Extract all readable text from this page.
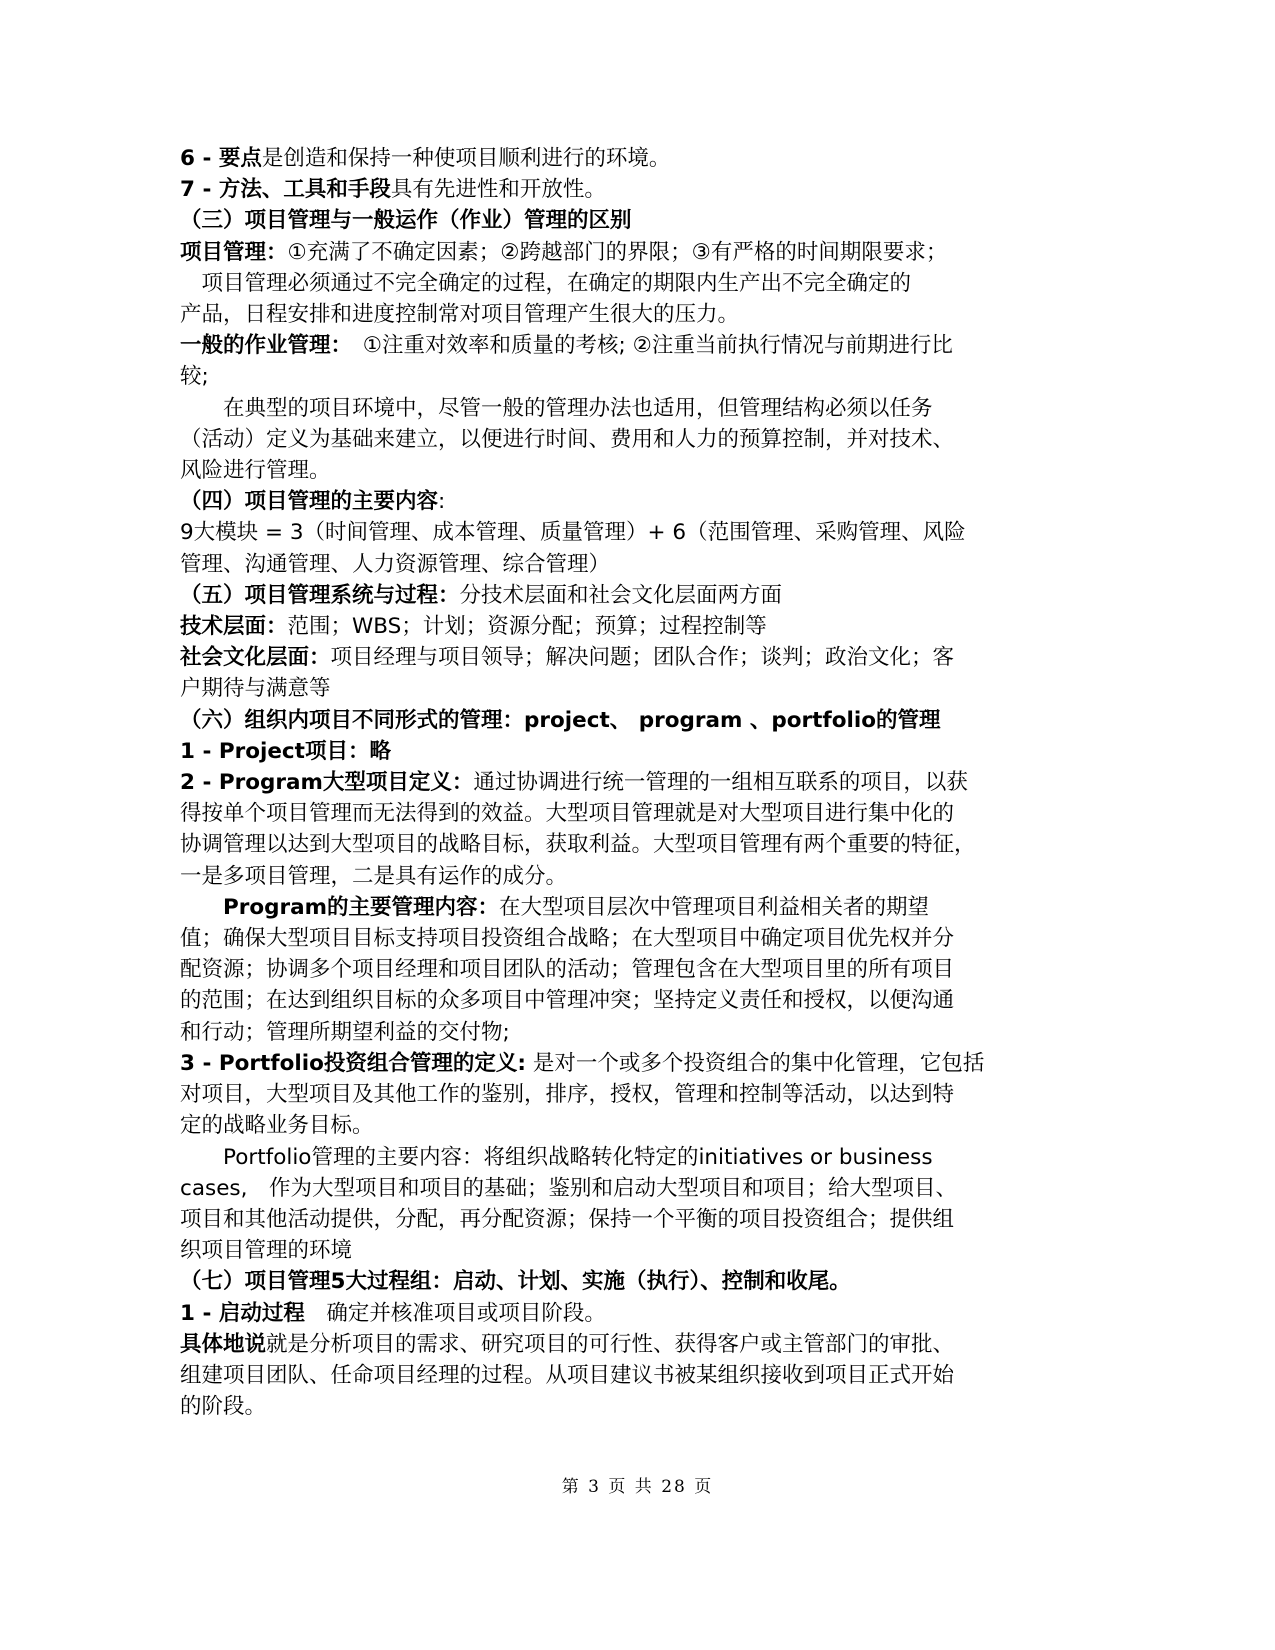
6 - 要点是创造和保持一种使项目顺利进行的环境。
7 - 方法、工具和手段具有先进性和开放性。
（三）项目管理与一般运作（作业）管理的区别
项目管理：①充满了不确定因素；②跨越部门的界限；③有严格的时间期限要求；
　项目管理必须通过不完全确定的过程，在确定的期限内生产出不完全确定的
产品，日程安排和进度控制常对项目管理产生很大的压力。
一般的作业管理：　①注重对效率和质量的考核; ②注重当前执行情况与前期进行比
较;
　　在典型的项目环境中，尽管一般的管理办法也适用，但管理结构必须以任务
（活动）定义为基础来建立，以便进行时间、费用和人力的预算控制，并对技术、
风险进行管理。
（四）项目管理的主要内容:
9大模块 = 3（时间管理、成本管理、质量管理）+ 6（范围管理、采购管理、风险
管理、沟通管理、人力资源管理、综合管理）
（五）项目管理系统与过程：分技术层面和社会文化层面两方面
技术层面：范围；WBS；计划；资源分配；预算；过程控制等
社会文化层面：项目经理与项目领导；解决问题；团队合作；谈判；政治文化；客
户期待与满意等
（六）组织内项目不同形式的管理：project、 program 、portfolio的管理
1 - Project项目：略
2 - Program大型项目定义：通过协调进行统一管理的一组相互联系的项目，以获
得按单个项目管理而无法得到的效益。大型项目管理就是对大型项目进行集中化的
协调管理以达到大型项目的战略目标，获取利益。大型项目管理有两个重要的特征，
一是多项目管理，二是具有运作的成分。
　　Program的主要管理内容：在大型项目层次中管理项目利益相关者的期望
值；确保大型项目目标支持项目投资组合战略；在大型项目中确定项目优先权并分
配资源；协调多个项目经理和项目团队的活动；管理包含在大型项目里的所有项目
的范围；在达到组织目标的众多项目中管理冲突；坚持定义责任和授权，以便沟通
和行动；管理所期望利益的交付物;
3 - Portfolio投资组合管理的定义: 是对一个或多个投资组合的集中化管理，它包括
对项目，大型项目及其他工作的鉴别，排序，授权，管理和控制等活动，以达到特
定的战略业务目标。
　　Portfolio管理的主要内容：将组织战略转化特定的initiatives or business
cases,　作为大型项目和项目的基础；鉴别和启动大型项目和项目；给大型项目、
项目和其他活动提供，分配，再分配资源；保持一个平衡的项目投资组合；提供组
织项目管理的环境
（七）项目管理5大过程组：启动、计划、实施（执行）、控制和收尾。
1 - 启动过程　确定并核准项目或项目阶段。
具体地说就是分析项目的需求、研究项目的可行性、获得客户或主管部门的审批、
组建项目团队、任命项目经理的过程。从项目建议书被某组织接收到项目正式开始
的阶段。
第 3 页 共 28 页
